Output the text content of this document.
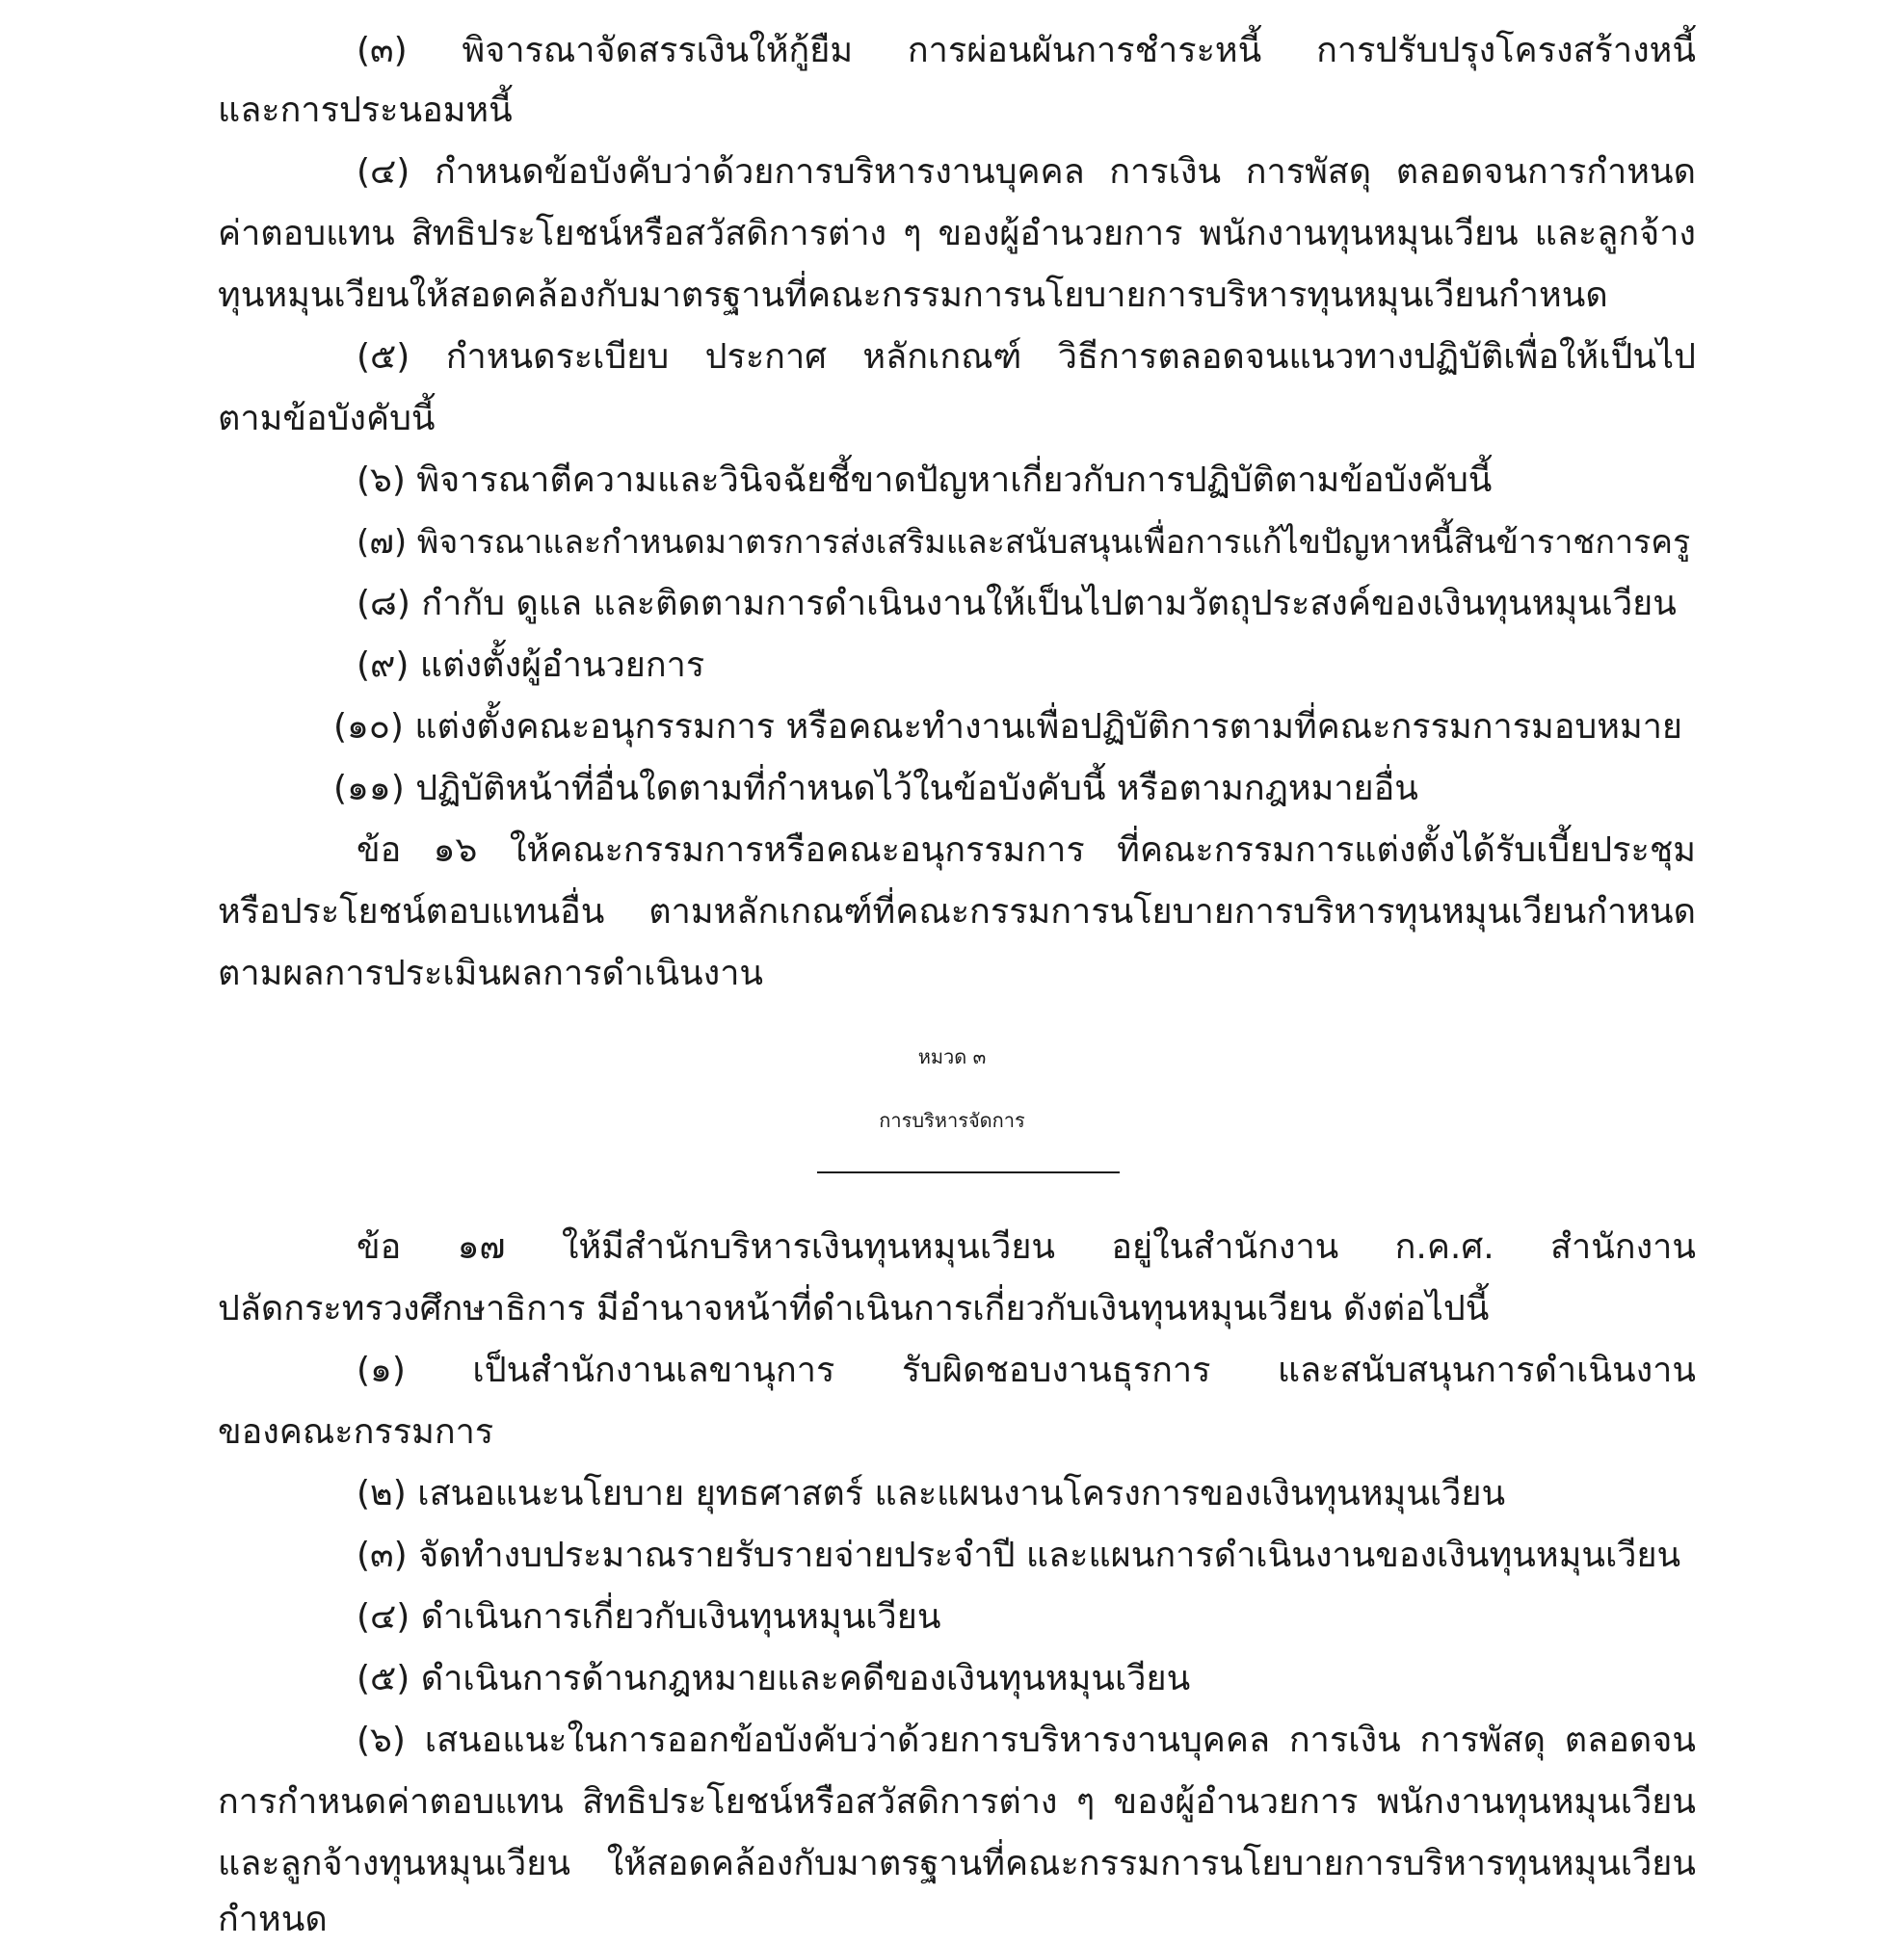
(๓) พิจารณาจัดสรรเงินให้กู้ยืม การผ่อนผันการชำระหนี้ การปรับปรุงโครงสร้างหนี้
และการประนอมหนี้
(๔) กำหนดข้อบังคับว่าด้วยการบริหารงานบุคคล การเงิน การพัสดุ ตลอดจนการกำหนด
ค่าตอบแทน สิทธิประโยชน์หรือสวัสดิการต่าง ๆ ของผู้อำนวยการ พนักงานทุนหมุนเวียน และลูกจ้าง
ทุนหมุนเวียนให้สอดคล้องกับมาตรฐานที่คณะกรรมการนโยบายการบริหารทุนหมุนเวียนกำหนด
(๕) กำหนดระเบียบ ประกาศ หลักเกณฑ์ วิธีการตลอดจนแนวทางปฏิบัติเพื่อให้เป็นไป
ตามข้อบังคับนี้
(๖) พิจารณาตีความและวินิจฉัยชี้ขาดปัญหาเกี่ยวกับการปฏิบัติตามข้อบังคับนี้
(๗) พิจารณาและกำหนดมาตรการส่งเสริมและสนับสนุนเพื่อการแก้ไขปัญหาหนี้สินข้าราชการครู
(๘) กำกับ ดูแล และติดตามการดำเนินงานให้เป็นไปตามวัตถุประสงค์ของเงินทุนหมุนเวียน
(๙) แต่งตั้งผู้อำนวยการ
(๑๐) แต่งตั้งคณะอนุกรรมการ หรือคณะทำงานเพื่อปฏิบัติการตามที่คณะกรรมการมอบหมาย
(๑๑) ปฏิบัติหน้าที่อื่นใดตามที่กำหนดไว้ในข้อบังคับนี้ หรือตามกฎหมายอื่น
ข้อ ๑๖ ให้คณะกรรมการหรือคณะอนุกรรมการ ที่คณะกรรมการแต่งตั้งได้รับเบี้ยประชุม
หรือประโยชน์ตอบแทนอื่น ตามหลักเกณฑ์ที่คณะกรรมการนโยบายการบริหารทุนหมุนเวียนกำหนด
ตามผลการประเมินผลการดำเนินงาน
หมวด ๓
การบริหารจัดการ
ข้อ ๑๗ ให้มีสำนักบริหารเงินทุนหมุนเวียน อยู่ในสำนักงาน ก.ค.ศ. สำนักงาน
ปลัดกระทรวงศึกษาธิการ มีอำนาจหน้าที่ดำเนินการเกี่ยวกับเงินทุนหมุนเวียน ดังต่อไปนี้
(๑) เป็นสำนักงานเลขานุการ รับผิดชอบงานธุรการ และสนับสนุนการดำเนินงาน
ของคณะกรรมการ
(๒) เสนอแนะนโยบาย ยุทธศาสตร์ และแผนงานโครงการของเงินทุนหมุนเวียน
(๓) จัดทำงบประมาณรายรับรายจ่ายประจำปี และแผนการดำเนินงานของเงินทุนหมุนเวียน
(๔) ดำเนินการเกี่ยวกับเงินทุนหมุนเวียน
(๕) ดำเนินการด้านกฎหมายและคดีของเงินทุนหมุนเวียน
(๖) เสนอแนะในการออกข้อบังคับว่าด้วยการบริหารงานบุคคล การเงิน การพัสดุ ตลอดจน
การกำหนดค่าตอบแทน สิทธิประโยชน์หรือสวัสดิการต่าง ๆ ของผู้อำนวยการ พนักงานทุนหมุนเวียน
และลูกจ้างทุนหมุนเวียน ให้สอดคล้องกับมาตรฐานที่คณะกรรมการนโยบายการบริหารทุนหมุนเวียน
กำหนด
